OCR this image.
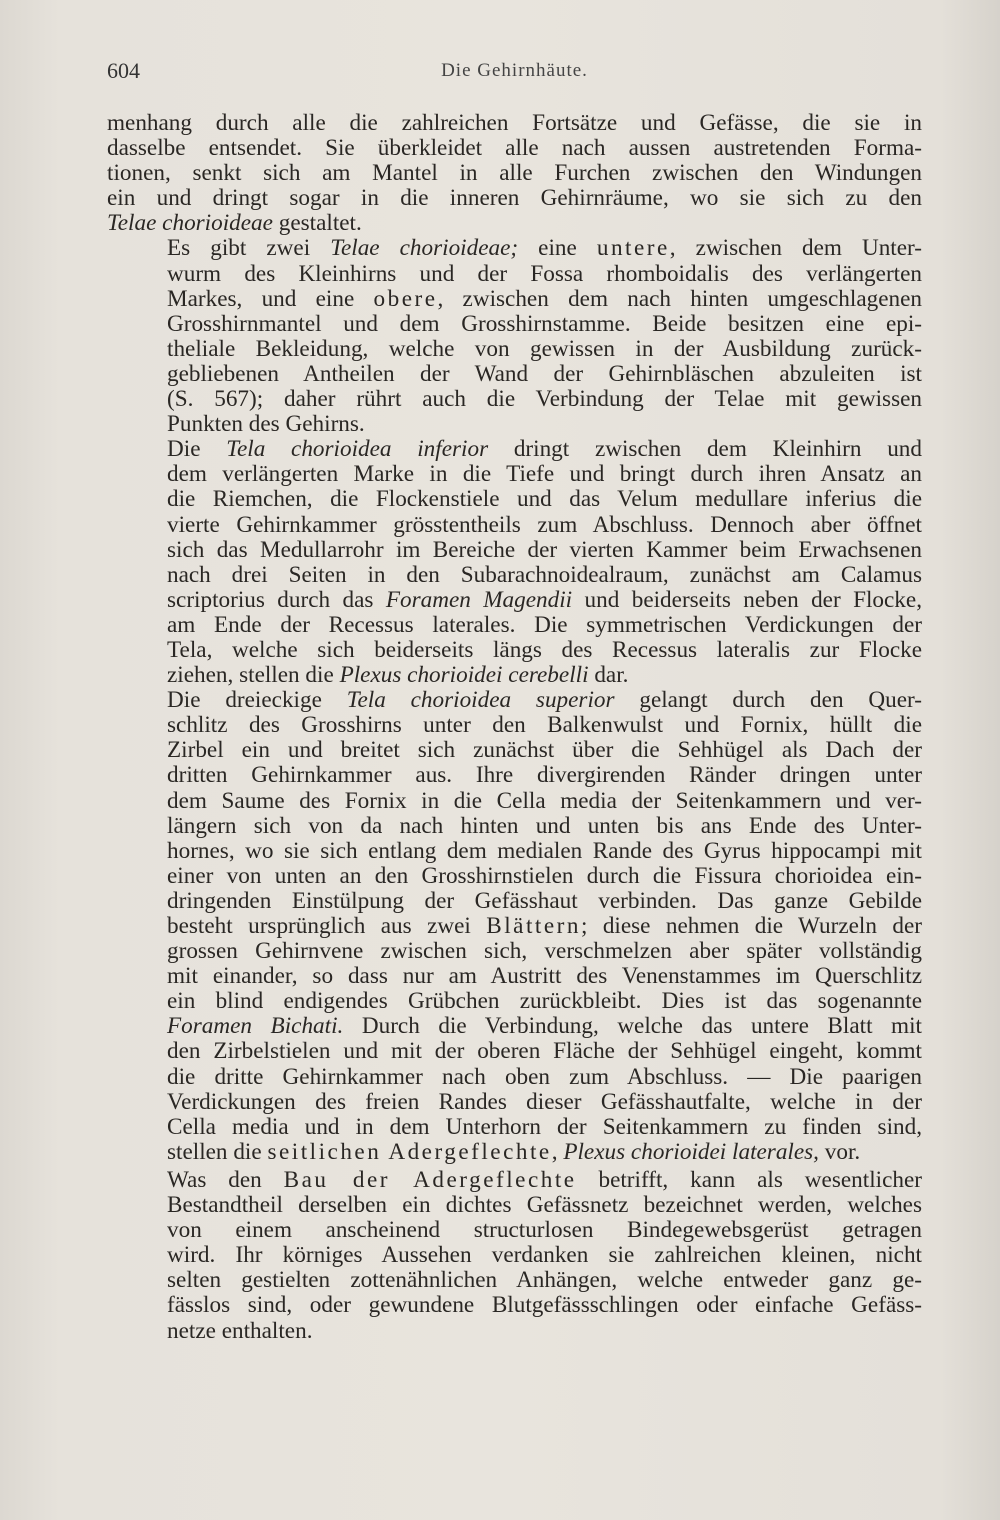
604	Die Gehirnhäute.

menhang durch alle die zahlreichen Fortsätze und Gefässe, die sie in
dasselbe entsendet. Sie überkleidet alle nach aussen austretenden Forma-
tionen, senkt sich am Mantel in alle Furchen zwischen den Windungen
ein und dringt sogar in die inneren Gehirnräume, wo sie sich zu den
Telae chorioideae gestaltet.

Es gibt zwei Telae chorioideae; eine untere, zwischen dem Unter-
wurm des Kleinhirns und der Fossa rhomboidalis des verlängerten
Markes, und eine obere, zwischen dem nach hinten umgeschlagenen
Grosshirnmantel und dem Grosshirnstamme. Beide besitzen eine epi-
theliale Bekleidung, welche von gewissen in der Ausbildung zurück-
gebliebenen Antheilen der Wand der Gehirnbläschen abzuleiten ist
(S. 567); daher rührt auch die Verbindung der Telae mit gewissen
Punkten des Gehirns.

Die Tela chorioidea inferior dringt zwischen dem Kleinhirn und
dem verlängerten Marke in die Tiefe und bringt durch ihren Ansatz an
die Riemchen, die Flockenstiele und das Velum medullare inferius die
vierte Gehirnkammer grösstentheils zum Abschluss. Dennoch aber öffnet
sich das Medullarrohr im Bereiche der vierten Kammer beim Erwachsenen
nach drei Seiten in den Subarachnoidealraum, zunächst am Calamus
scriptorius durch das Foramen Magendii und beiderseits neben der Flocke,
am Ende der Recessus laterales. Die symmetrischen Verdickungen der
Tela, welche sich beiderseits längs des Recessus lateralis zur Flocke
ziehen, stellen die Plexus chorioidei cerebelli dar.

Die dreieckige Tela chorioidea superior gelangt durch den Quer-
schlitz des Grosshirns unter den Balkenwulst und Fornix, hüllt die
Zirbel ein und breitet sich zunächst über die Sehhügel als Dach der
dritten Gehirnkammer aus. Ihre divergirenden Ränder dringen unter
dem Saume des Fornix in die Cella media der Seitenkammern und ver-
längern sich von da nach hinten und unten bis ans Ende des Unter-
hornes, wo sie sich entlang dem medialen Rande des Gyrus hippocampi mit
einer von unten an den Grosshirnstielen durch die Fissura chorioidea ein-
dringenden Einstülpung der Gefässhaut verbinden. Das ganze Gebilde
besteht ursprünglich aus zwei Blättern; diese nehmen die Wurzeln der
grossen Gehirnvene zwischen sich, verschmelzen aber später vollständig
mit einander, so dass nur am Austritt des Venenstammes im Querschlitz
ein blind endigendes Grübchen zurückbleibt. Dies ist das sogenannte
Foramen Bichati. Durch die Verbindung, welche das untere Blatt mit
den Zirbelstielen und mit der oberen Fläche der Sehhügel eingeht, kommt
die dritte Gehirnkammer nach oben zum Abschluss. — Die paarigen
Verdickungen des freien Randes dieser Gefässhautfalte, welche in der
Cella media und in dem Unterhorn der Seitenkammern zu finden sind,
stellen die seitlichen Adergeflechte, Plexus chorioidei laterales, vor.

Was den Bau der Adergeflechte betrifft, kann als wesentlicher
Bestandtheil derselben ein dichtes Gefässnetz bezeichnet werden, welches
von einem anscheinend structurlosen Bindegewebsgerüst getragen
wird. Ihr körniges Aussehen verdanken sie zahlreichen kleinen, nicht
selten gestielten zottenähnlichen Anhängen, welche entweder ganz ge-
fässlos sind, oder gewundene Blutgefässschlingen oder einfache Gefäss-
netze enthalten.
